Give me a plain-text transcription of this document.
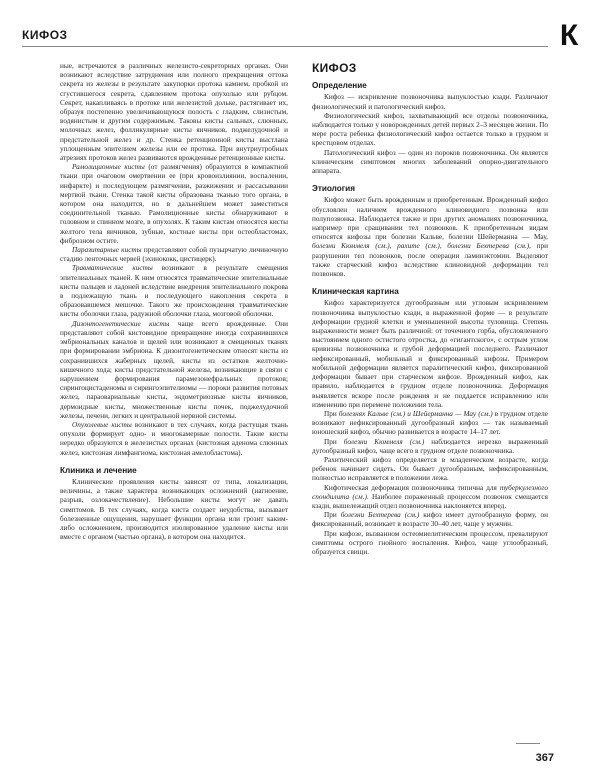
КИФОЗ	К

ные, встречаются в различных железисто-секреторных органах. Они возникают вследствие затруднения или полного прекращения оттока секрета из железы в результате закупорки протока камнем, пробкой из сгустившегося секрета, сдавлением протока опухолью или рубцом. Секрет, накапливаясь в протоке или железистой дольке, растягивает их, образуя постепенно увеличивающуюся полость с гладким, слизистым, водянистым и другим содержимым. Таковы кисты сальных, слюнных, молочных желез, фолликулярные кисты яичников, поджелудочной и предстательной желез и др. Стенка ретенционной кисты выстлана уплощенным эпителием железы или ее протока. При внутриутробных атрезиях протоков желез развиваются врожденные ретенционные кисты.

Рамолиционные кисты (от размягчения) образуются в компактной ткани при очаговом омертвении ее (при кровоизлиянии, воспалении, инфаркте) и последующем размягчении, разжижении и рассасывании мертвой ткани. Стенка такой кисты образована тканью того органа, в котором она находится, но в дальнейшем может заместиться соединительной тканью. Рамолиционные кисты обнаруживают в головном и спинном мозге, в опухолях. К таким кистам относятся кисты желтого тела яичников, зубные, костные кисты при остеобластомах, фиброзном остите.

Паразитарные кисты представляют собой пузырчатую личиночную стадию ленточных червей (эхинококк, цистицерк).

Травматические кисты возникают в результате смещения эпителиальных тканей. К ним относятся травматические эпителиальные кисты пальцев и ладоней вследствие внедрения эпителиального покрова в подлежащую ткань и последующего накопления секрета в образовавшемся мешочке. Такого же происхождения травматические кисты оболочки глаза, радужной оболочки глаза, мозговой оболочки.

Дизонтогенетические кисты чаще всего врожденные. Они представляют собой кистовидное превращение иногда сохранившихся эмбриональных каналов и щелей или возникают в смещенных тканях при формировании эмбриона. К дизонтогенетическим относят кисты из сохранившихся жаберных щелей, кисты из остатков желточно-кишечного хода; кисты предстательной железы, возникающие в связи с нарушением формирования парамезонефральных протоков; сирингоцистаденомы и сирингоэпителиомы — пороки развития потовых желез, параовариальные кисты, эндометриозные кисты яичников, дермоидные кисты, множественные кисты почек, поджелудочной железы, печени, легких и центральной нервной системы.

Опухолевые кисты возникают в тех случаях, когда растущая ткань опухоли формирует одно- и многокамерные полости. Такие кисты нередко образуются в железистых органах (кистозная аденома слюнных желез, кистозная лимфангиома, кистозная амелобластома).

Клиника и лечение

Клинические проявления кисты зависят от типа, локализации, величины, а также характера возникающих осложнений (нагноение, разрыв, озлокачествление). Небольшие кисты могут не давать симптомов. В тех случаях, когда киста создает неудобства, вызывает болезненные ощущения, нарушает функции органа или грозит каким-либо осложнением, производится изолированное удаление кисты или вместе с органом (частью органа), в котором она находится.

КИФОЗ
Определение

Кифоз — искривление позвоночника выпуклостью кзади. Различают физиологический и патологический кифоз.

Физиологический кифоз, захватывающий все отделы позвоночника, наблюдается только у новорожденных детей первых 2–3 месяцев жизни. По мере роста ребенка физиологический кифоз остается только в грудном и крестцовом отделах.

Патологический кифоз — один из пороков позвоночника. Он является клиническим симптомом многих заболеваний опорно-двигательного аппарата.

Этиология

Кифоз может быть врожденным и приобретенным. Врожденный кифоз обусловлен наличием врожденного клиновидного позвонка или полупозвонка. Наблюдается также и при других аномалиях позвоночника, например при сращивании тел позвонков. К приобретенным видам относятся кифозы при болезни Кальве, болезни Шейерманна — Мау, болезни Кюммеля (см.), рахите (см.), болезни Бехтерева (см.), при разрушении тел позвонков, после операции ламинэктомии. Выделяют также старческий кифоз вследствие клиновидной деформации тел позвонков.

Клиническая картина

Кифоз характеризуется дугообразным или угловым искривлением позвоночника выпуклостью кзади, в выраженной форме — в результате деформации грудной клетки и уменьшенной высоты туловища. Степень выраженности может быть различной: от точечного горба, обусловленного выстоянием одного остистого отростка, до «гигантского», с острым углом кривизны позвоночника и грубой деформацией последнего. Различают нефиксированный, мобильный и фиксированный кифозы. Примером мобильной деформации является паралитический кифоз, фиксированной деформации бывает при старческом кифозе. Врожденный кифоз, как правило, наблюдается в грудном отделе позвоночника. Деформация выявляется вскоре после рождения и не поддается исправлению или изменению при перемене положения тела.

При болезнях Кальве (см.) и Шейерманна — Мау (см.) в грудном отделе возникают нефиксированный дугообразный кифоз — так называемый юношеский кифоз, обычно развивается в возрасте 14–17 лет.

При болезни Кюммеля (см.) наблюдается нерезко выраженный дугообразный кифоз, чаще всего в грудном отделе позвоночника.

Рахитический кифоз определяется в младенческом возрасте, когда ребенок начинает сидеть. Он бывает дугообразным, нефиксированным, полностью исправляется в положении лежа.

Кифотическая деформация позвоночника типична для туберкулезного спондилита (см.). Наиболее пораженный процессом позвонок смещается кзади, вышележащий отдел позвоночника наклоняется вперед.

При болезни Бехтерева (см.) кифоз имеет дугообразную форму, он фиксированный, возникает в возрасте 30–40 лет, чаще у мужчин.

При кифозе, вызванном остеомиелитическим процессом, превалируют симптомы острого гнойного воспаления. Кифоз, чаще углообразный, образуется свищи.

367
